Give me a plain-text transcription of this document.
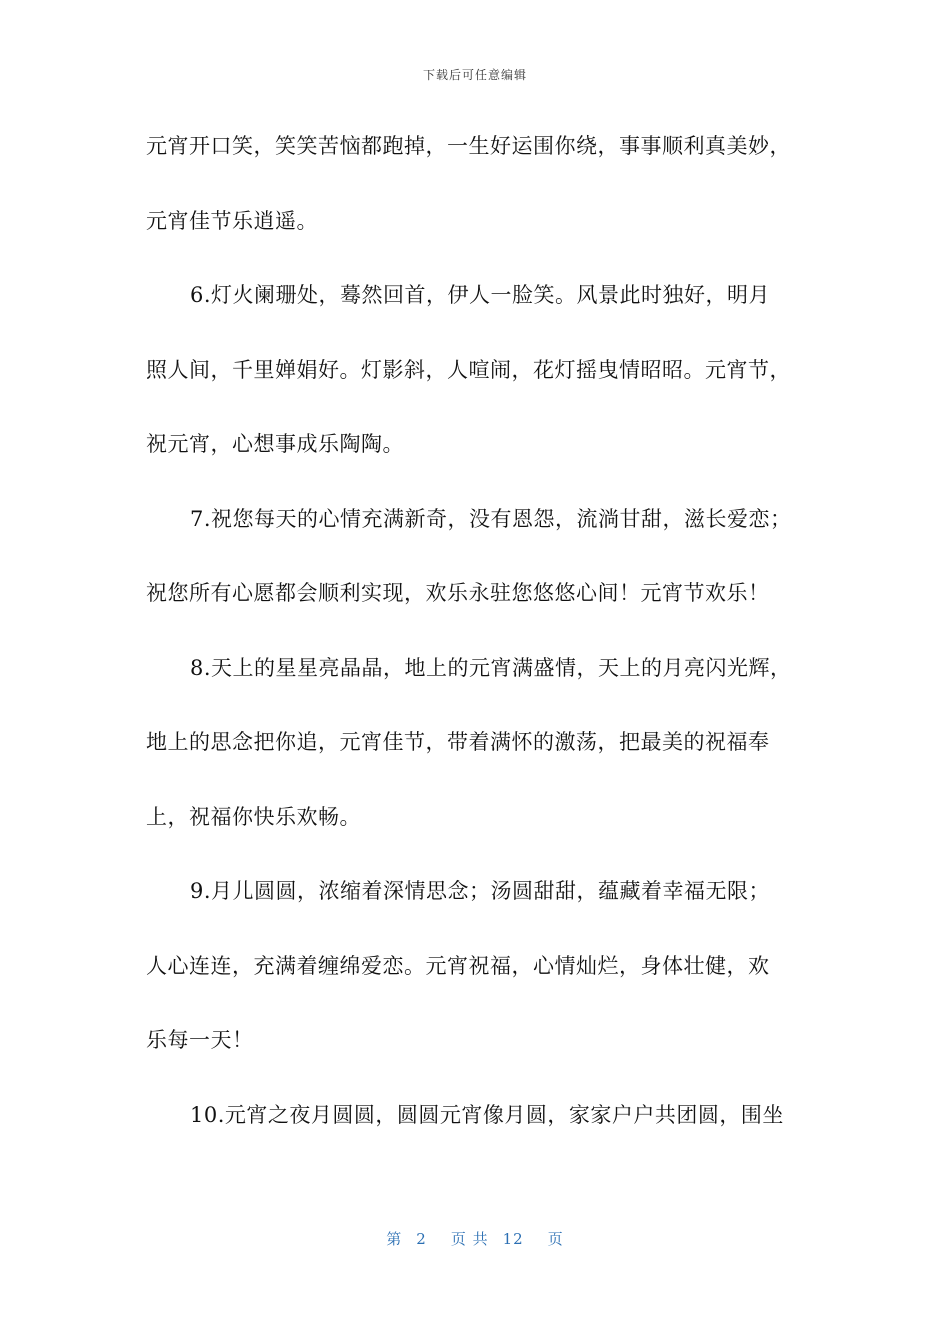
下载后可任意编辑
元宵开口笑，笑笑苦恼都跑掉，一生好运围你绕，事事顺利真美妙，
元宵佳节乐逍遥。
6.灯火阑珊处，蓦然回首，伊人一脸笑。风景此时独好，明月
照人间，千里婵娟好。灯影斜，人喧闹，花灯摇曳情昭昭。元宵节，
祝元宵，心想事成乐陶陶。
7.祝您每天的心情充满新奇，没有恩怨，流淌甘甜，滋长爱恋；
祝您所有心愿都会顺利实现，欢乐永驻您悠悠心间！元宵节欢乐！
8.天上的星星亮晶晶，地上的元宵满盛情，天上的月亮闪光辉，
地上的思念把你追，元宵佳节，带着满怀的激荡，把最美的祝福奉
上，祝福你快乐欢畅。
9.月儿圆圆，浓缩着深情思念；汤圆甜甜，蕴藏着幸福无限；
人心连连，充满着缠绵爱恋。元宵祝福，心情灿烂，身体壮健，欢
乐每一天！
10.元宵之夜月圆圆，圆圆元宵像月圆，家家户户共团圆，围坐
第 2 页 共 12 页
